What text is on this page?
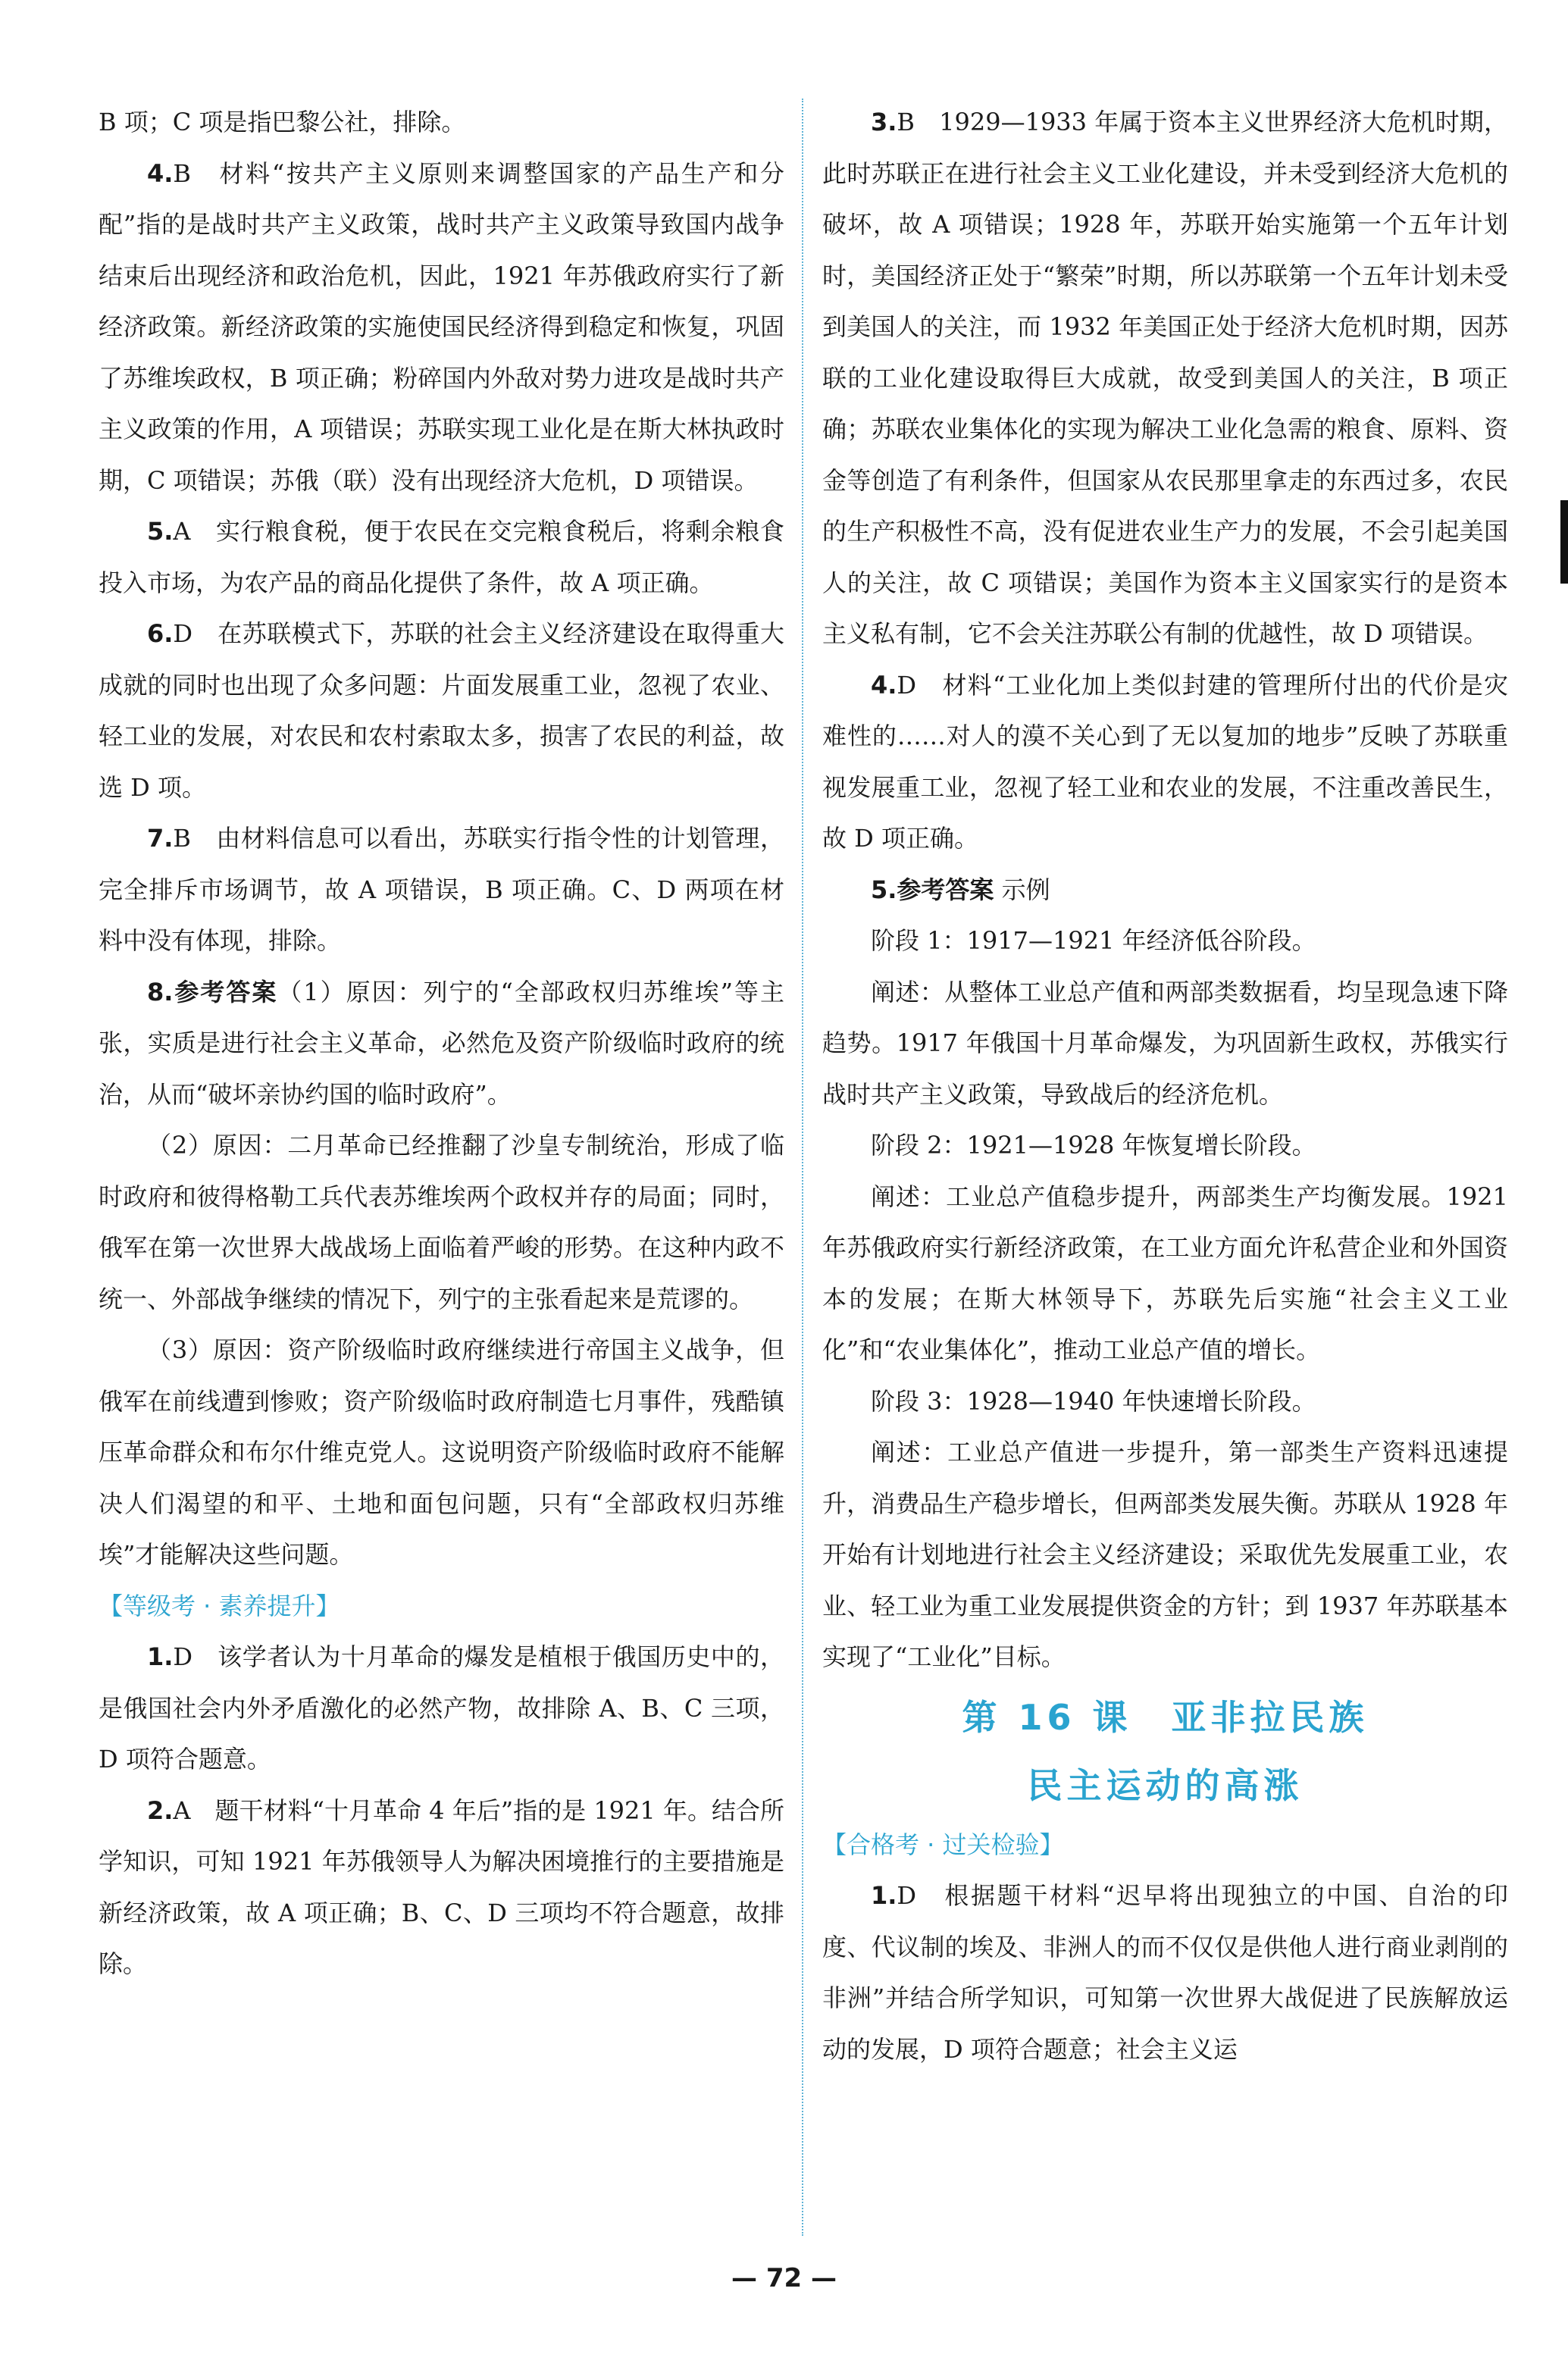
B 项；C 项是指巴黎公社，排除。

4.B　材料“按共产主义原则来调整国家的产品生产和分配”指的是战时共产主义政策，战时共产主义政策导致国内战争结束后出现经济和政治危机，因此，1921 年苏俄政府实行了新经济政策。新经济政策的实施使国民经济得到稳定和恢复，巩固了苏维埃政权，B 项正确；粉碎国内外敌对势力进攻是战时共产主义政策的作用，A 项错误；苏联实现工业化是在斯大林执政时期，C 项错误；苏俄（联）没有出现经济大危机，D 项错误。

5.A　实行粮食税，便于农民在交完粮食税后，将剩余粮食投入市场，为农产品的商品化提供了条件，故 A 项正确。

6.D　在苏联模式下，苏联的社会主义经济建设在取得重大成就的同时也出现了众多问题：片面发展重工业，忽视了农业、轻工业的发展，对农民和农村索取太多，损害了农民的利益，故选 D 项。

7.B　由材料信息可以看出，苏联实行指令性的计划管理，完全排斥市场调节，故 A 项错误，B 项正确。C、D 两项在材料中没有体现，排除。

8.参考答案（1）原因：列宁的“全部政权归苏维埃”等主张，实质是进行社会主义革命，必然危及资产阶级临时政府的统治，从而“破坏亲协约国的临时政府”。

（2）原因：二月革命已经推翻了沙皇专制统治，形成了临时政府和彼得格勒工兵代表苏维埃两个政权并存的局面；同时，俄军在第一次世界大战战场上面临着严峻的形势。在这种内政不统一、外部战争继续的情况下，列宁的主张看起来是荒谬的。

（3）原因：资产阶级临时政府继续进行帝国主义战争，但俄军在前线遭到惨败；资产阶级临时政府制造七月事件，残酷镇压革命群众和布尔什维克党人。这说明资产阶级临时政府不能解决人们渴望的和平、土地和面包问题，只有“全部政权归苏维埃”才能解决这些问题。

【等级考 · 素养提升】

1.D　该学者认为十月革命的爆发是植根于俄国历史中的，是俄国社会内外矛盾激化的必然产物，故排除 A、B、C 三项，D 项符合题意。

2.A　题干材料“十月革命 4 年后”指的是 1921 年。结合所学知识，可知 1921 年苏俄领导人为解决困境推行的主要措施是新经济政策，故 A 项正确；B、C、D 三项均不符合题意，故排除。

3.B　1929—1933 年属于资本主义世界经济大危机时期，此时苏联正在进行社会主义工业化建设，并未受到经济大危机的破坏，故 A 项错误；1928 年，苏联开始实施第一个五年计划时，美国经济正处于“繁荣”时期，所以苏联第一个五年计划未受到美国人的关注，而 1932 年美国正处于经济大危机时期，因苏联的工业化建设取得巨大成就，故受到美国人的关注，B 项正确；苏联农业集体化的实现为解决工业化急需的粮食、原料、资金等创造了有利条件，但国家从农民那里拿走的东西过多，农民的生产积极性不高，没有促进农业生产力的发展，不会引起美国人的关注，故 C 项错误；美国作为资本主义国家实行的是资本主义私有制，它不会关注苏联公有制的优越性，故 D 项错误。

4.D　材料“工业化加上类似封建的管理所付出的代价是灾难性的……对人的漠不关心到了无以复加的地步”反映了苏联重视发展重工业，忽视了轻工业和农业的发展，不注重改善民生，故 D 项正确。

5.参考答案 示例

阶段 1：1917—1921 年经济低谷阶段。

阐述：从整体工业总产值和两部类数据看，均呈现急速下降趋势。1917 年俄国十月革命爆发，为巩固新生政权，苏俄实行战时共产主义政策，导致战后的经济危机。

阶段 2：1921—1928 年恢复增长阶段。

阐述：工业总产值稳步提升，两部类生产均衡发展。1921 年苏俄政府实行新经济政策，在工业方面允许私营企业和外国资本的发展；在斯大林领导下，苏联先后实施“社会主义工业化”和“农业集体化”，推动工业总产值的增长。

阶段 3：1928—1940 年快速增长阶段。

阐述：工业总产值进一步提升，第一部类生产资料迅速提升，消费品生产稳步增长，但两部类发展失衡。苏联从 1928 年开始有计划地进行社会主义经济建设；采取优先发展重工业，农业、轻工业为重工业发展提供资金的方针；到 1937 年苏联基本实现了“工业化”目标。

第 16 课　亚非拉民族

民主运动的高涨

【合格考 · 过关检验】

1.D　根据题干材料“迟早将出现独立的中国、自治的印度、代议制的埃及、非洲人的而不仅仅是供他人进行商业剥削的非洲”并结合所学知识，可知第一次世界大战促进了民族解放运动的发展，D 项符合题意；社会主义运

— 72 —
